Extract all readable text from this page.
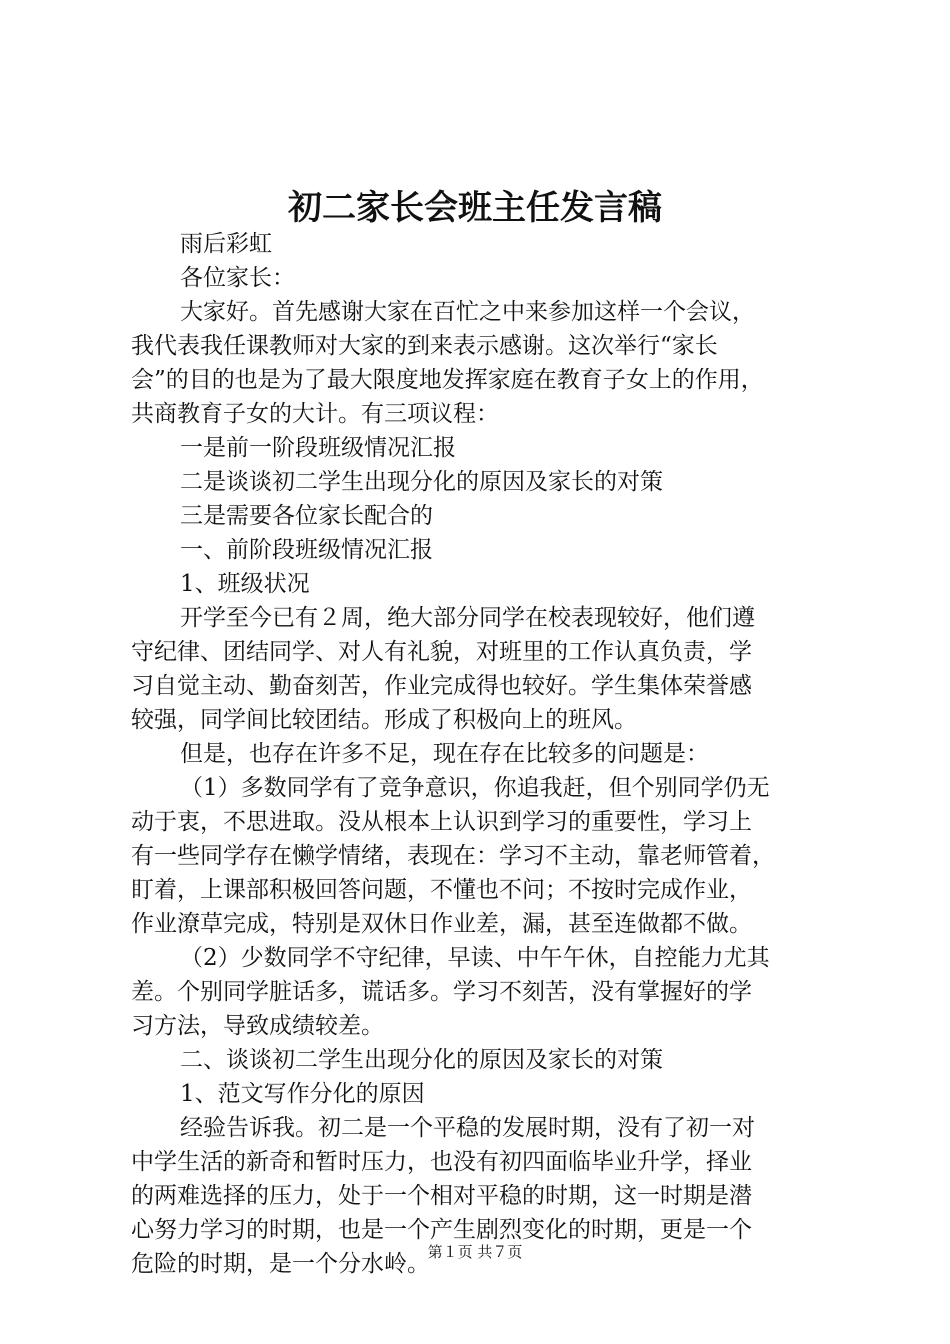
初二家长会班主任发言稿
雨后彩虹
各位家长：
大家好。首先感谢大家在百忙之中来参加这样一个会议，
我代表我任课教师对大家的到来表示感谢。这次举行“家长
会”的目的也是为了最大限度地发挥家庭在教育子女上的作用，
共商教育子女的大计。有三项议程：
一是前一阶段班级情况汇报
二是谈谈初二学生出现分化的原因及家长的对策
三是需要各位家长配合的
一、前阶段班级情况汇报
1、班级状况
开学至今已有２周，绝大部分同学在校表现较好，他们遵
守纪律、团结同学、对人有礼貌，对班里的工作认真负责，学
习自觉主动、勤奋刻苦，作业完成得也较好。学生集体荣誉感
较强，同学间比较团结。形成了积极向上的班风。
但是，也存在许多不足，现在存在比较多的问题是：
（1）多数同学有了竞争意识，你追我赶，但个别同学仍无
动于衷，不思进取。没从根本上认识到学习的重要性，学习上
有一些同学存在懒学情绪，表现在：学习不主动，靠老师管着，
盯着，上课部积极回答问题，不懂也不问；不按时完成作业，
作业潦草完成，特别是双休日作业差，漏，甚至连做都不做。
（2）少数同学不守纪律，早读、中午午休，自控能力尤其
差。个别同学脏话多，谎话多。学习不刻苦，没有掌握好的学
习方法，导致成绩较差。
二、谈谈初二学生出现分化的原因及家长的对策
1、范文写作分化的原因
经验告诉我。初二是一个平稳的发展时期，没有了初一对
中学生活的新奇和暂时压力，也没有初四面临毕业升学，择业
的两难选择的压力，处于一个相对平稳的时期，这一时期是潜
心努力学习的时期，也是一个产生剧烈变化的时期，更是一个
危险的时期，是一个分水岭。
第１页 共７页
